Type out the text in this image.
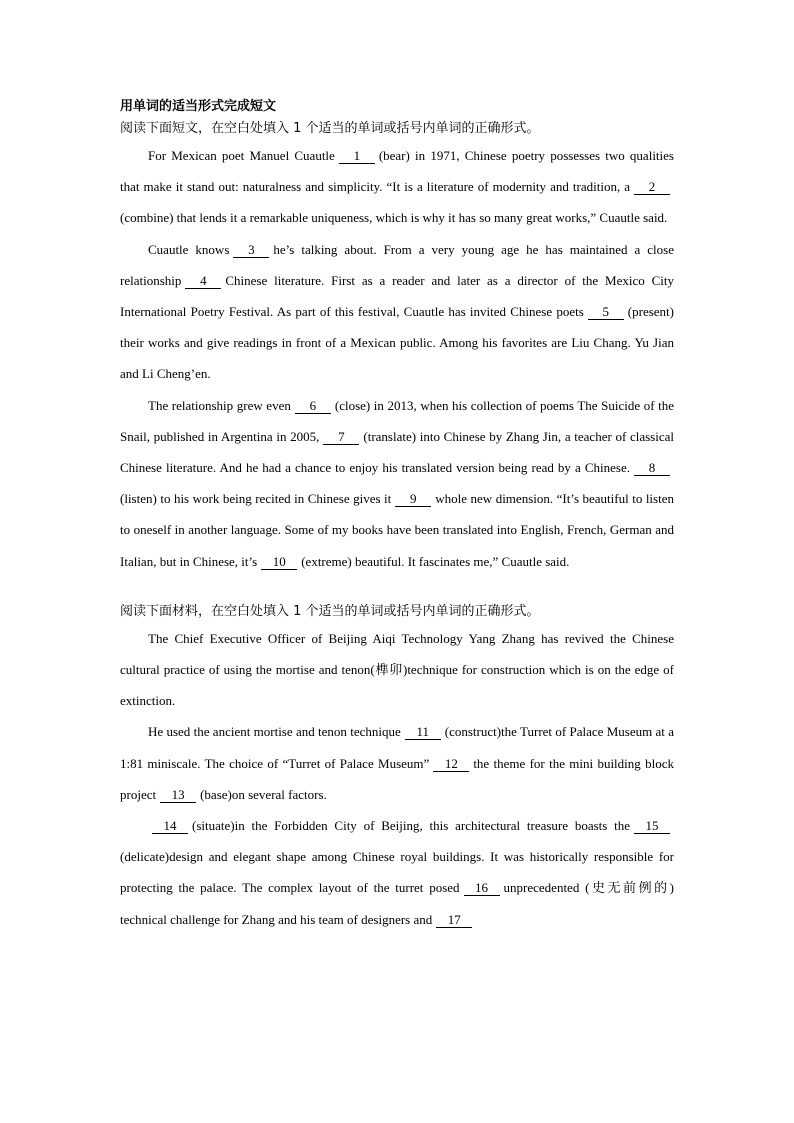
用单词的适当形式完成短文
阅读下面短文，在空白处填入 1 个适当的单词或括号内单词的正确形式。

For Mexican poet Manuel Cuautle 1 (bear) in 1971, Chinese poetry possesses two qualities that make it stand out: naturalness and simplicity. “It is a literature of modernity and tradition, a 2(combine) that lends it a remarkable uniqueness, which is why it has so many great works,” Cuautle said.

Cuautle knows 3 he’s talking about. From a very young age he has maintained a close relationship 4 Chinese literature. First as a reader and later as a director of the Mexico City International Poetry Festival. As part of this festival, Cuautle has invited Chinese poets 5 (present) their works and give readings in front of a Mexican public. Among his favorites are Liu Chang. Yu Jian and Li Cheng’en.

The relationship grew even 6 (close) in 2013, when his collection of poems The Suicide of the Snail, published in Argentina in 2005, 7 (translate) into Chinese by Zhang Jin, a teacher of classical Chinese literature. And he had a chance to enjoy his translated version being read by a Chinese. 8(listen) to his work being recited in Chinese gives it 9 whole new dimension. “It’s beautiful to listen to oneself in another language. Some of my books have been translated into English, French, German and Italian, but in Chinese, it’s 10 (extreme) beautiful. It fascinates me,” Cuautle said.

阅读下面材料，在空白处填入 1 个适当的单词或括号内单词的正确形式。

The Chief Executive Officer of Beijing Aiqi Technology Yang Zhang has revived the Chinese cultural practice of using the mortise and tenon(榫卯)technique for construction which is on the edge of extinction.

He used the ancient mortise and tenon technique 11 (construct)the Turret of Palace Museum at a 1:81 miniscale. The choice of “Turret of Palace Museum” 12 the theme for the mini building block project 13 (base)on several factors.

14 (situate)in the Forbidden City of Beijing, this architectural treasure boasts the 15(delicate)design and elegant shape among Chinese royal buildings. It was historically responsible for protecting the palace. The complex layout of the turret posed 16 unprecedented (史无前例的) technical challenge for Zhang and his team of designers and 17
